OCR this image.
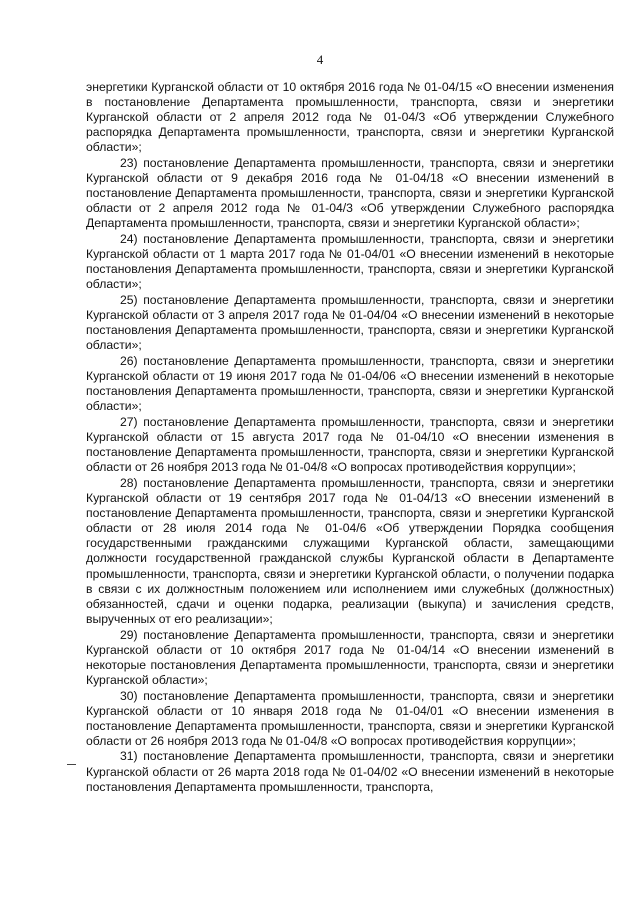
4

энергетики Курганской области от 10 октября 2016 года № 01-04/15 «О внесении изменения в постановление Департамента промышленности, транспорта, связи и энергетики Курганской области от 2 апреля 2012 года № 01-04/3 «Об утверждении Служебного распорядка Департамента промышленности, транспорта, связи и энергетики Курганской области»;

23) постановление Департамента промышленности, транспорта, связи и энергетики Курганской области от 9 декабря 2016 года № 01-04/18 «О внесении изменений в постановление Департамента промышленности, транспорта, связи и энергетики Курганской области от 2 апреля 2012 года № 01-04/3 «Об утверждении Служебного распорядка Департамента промышленности, транспорта, связи и энергетики Курганской области»;

24) постановление Департамента промышленности, транспорта, связи и энергетики Курганской области от 1 марта 2017 года № 01-04/01 «О внесении изменений в некоторые постановления Департамента промышленности, транспорта, связи и энергетики Курганской области»;

25) постановление Департамента промышленности, транспорта, связи и энергетики Курганской области от 3 апреля 2017 года № 01-04/04 «О внесении изменений в некоторые постановления Департамента промышленности, транспорта, связи и энергетики Курганской области»;

26) постановление Департамента промышленности, транспорта, связи и энергетики Курганской области от 19 июня 2017 года № 01-04/06 «О внесении изменений в некоторые постановления Департамента промышленности, транспорта, связи и энергетики Курганской области»;

27) постановление Департамента промышленности, транспорта, связи и энергетики Курганской области от 15 августа 2017 года № 01-04/10 «О внесении изменения в постановление Департамента промышленности, транспорта, связи и энергетики Курганской области от 26 ноября 2013 года № 01-04/8 «О вопросах противодействия коррупции»;

28) постановление Департамента промышленности, транспорта, связи и энергетики Курганской области от 19 сентября 2017 года № 01-04/13 «О внесении изменений в постановление Департамента промышленности, транспорта, связи и энергетики Курганской области от 28 июля 2014 года № 01-04/6 «Об утверждении Порядка сообщения государственными гражданскими служащими Курганской области, замещающими должности государственной гражданской службы Курганской области в Департаменте промышленности, транспорта, связи и энергетики Курганской области, о получении подарка в связи с их должностным положением или исполнением ими служебных (должностных) обязанностей, сдачи и оценки подарка, реализации (выкупа) и зачисления средств, вырученных от его реализации»;

29) постановление Департамента промышленности, транспорта, связи и энергетики Курганской области от 10 октября 2017 года № 01-04/14 «О внесении изменений в некоторые постановления Департамента промышленности, транспорта, связи и энергетики Курганской области»;

30) постановление Департамента промышленности, транспорта, связи и энергетики Курганской области от 10 января 2018 года № 01-04/01 «О внесении изменения в постановление Департамента промышленности, транспорта, связи и энергетики Курганской области от 26 ноября 2013 года № 01-04/8 «О вопросах противодействия коррупции»;

31) постановление Департамента промышленности, транспорта, связи и энергетики Курганской области от 26 марта 2018 года № 01-04/02 «О внесении изменений в некоторые постановления Департамента промышленности, транспорта,
